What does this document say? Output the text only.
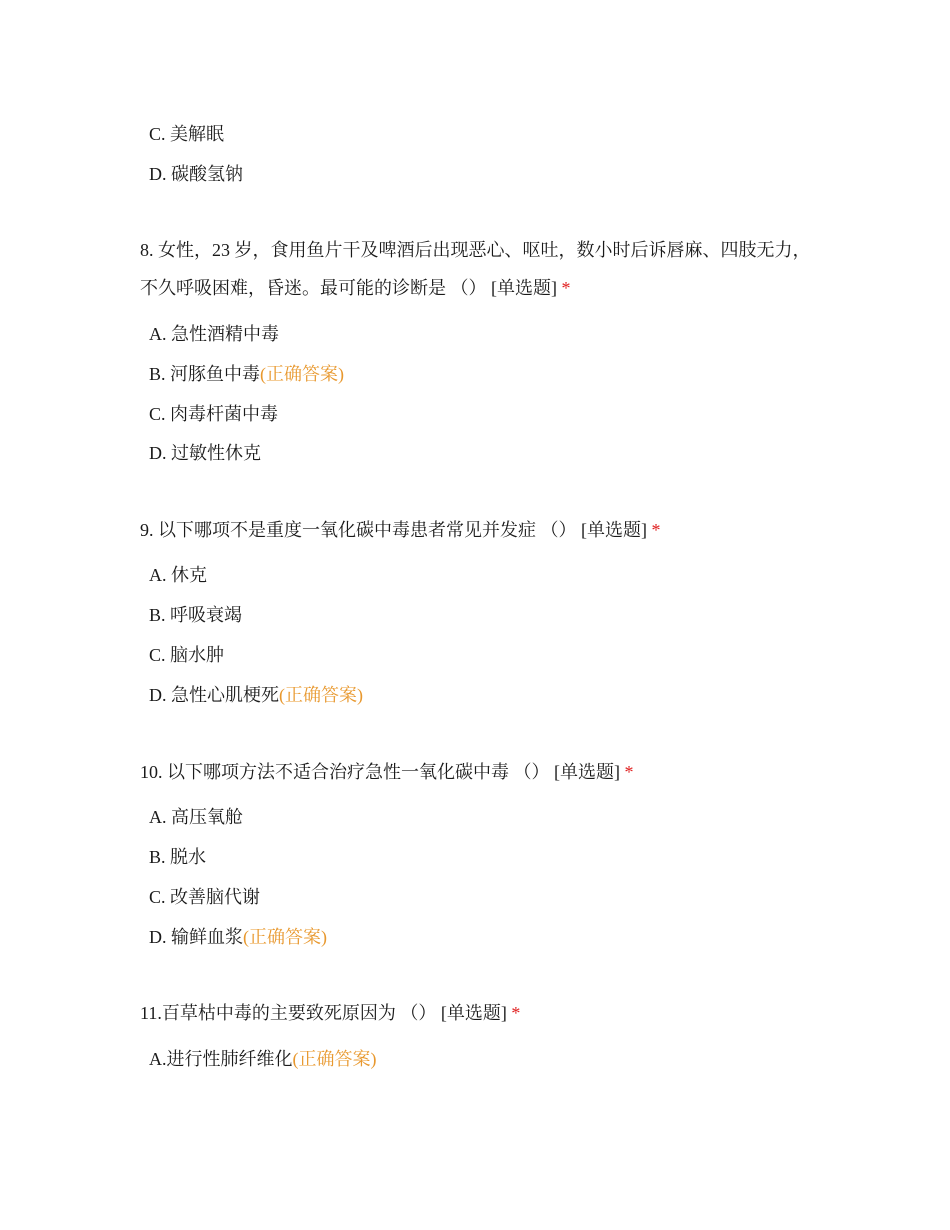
C. 美解眠
D. 碳酸氢钠
8. 女性，23 岁，食用鱼片干及啤酒后出现恶心、呕吐，数小时后诉唇麻、四肢无力，不久呼吸困难，昏迷。最可能的诊断是 （） [单选题] *
A. 急性酒精中毒
B. 河豚鱼中毒(正确答案)
C. 肉毒杆菌中毒
D. 过敏性休克
9. 以下哪项不是重度一氧化碳中毒患者常见并发症 （） [单选题] *
A. 休克
B. 呼吸衰竭
C. 脑水肿
D. 急性心肌梗死(正确答案)
10. 以下哪项方法不适合治疗急性一氧化碳中毒 （） [单选题] *
A. 高压氧舱
B. 脱水
C. 改善脑代谢
D. 输鲜血浆(正确答案)
11.百草枯中毒的主要致死原因为 （） [单选题] *
A.进行性肺纤维化(正确答案)
